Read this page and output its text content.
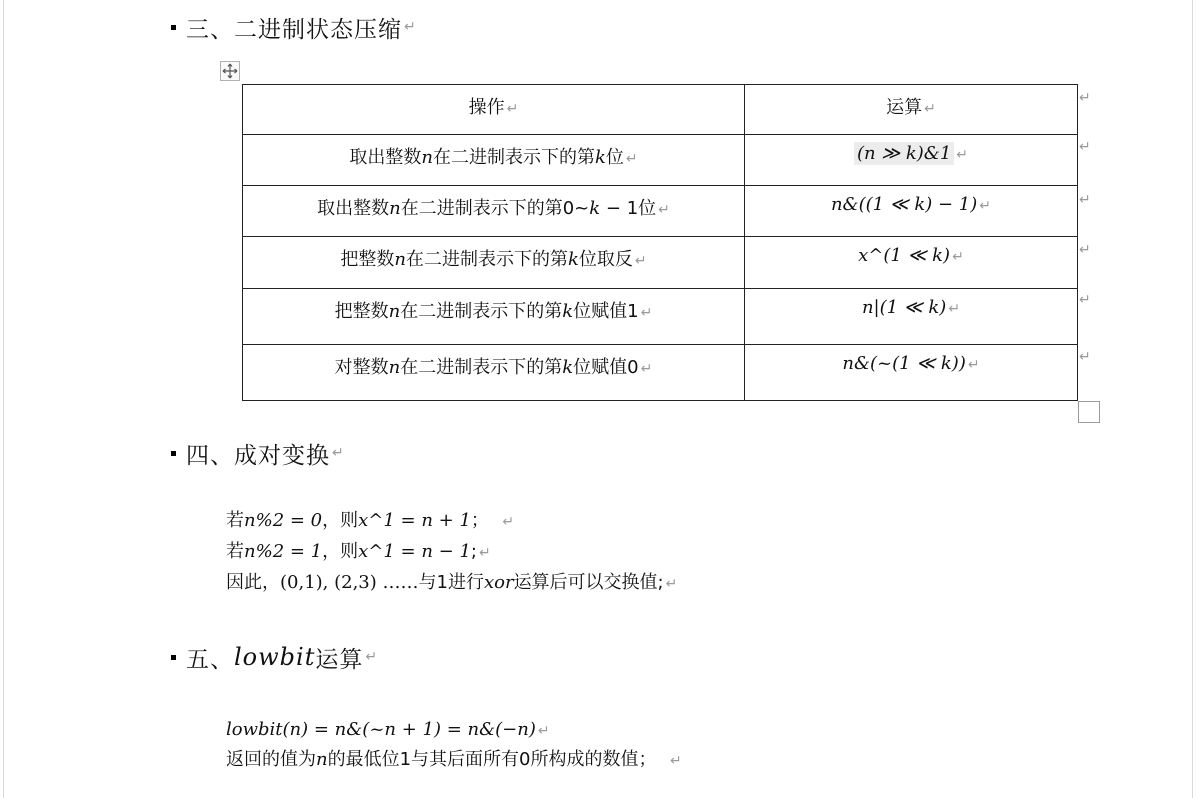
三、二进制状态压缩 ↵
操作 ↵	运算 ↵
取出整数n在二进制表示下的第k位 ↵	(n ≫ k)&1 ↵
取出整数n在二进制表示下的第0~k − 1位 ↵	n&((1 ≪ k) − 1) ↵
把整数n在二进制表示下的第k位取反 ↵	x^(1 ≪ k) ↵
把整数n在二进制表示下的第k位赋值1 ↵	n|(1 ≪ k) ↵
对整数n在二进制表示下的第k位赋值0 ↵	n&(~(1 ≪ k)) ↵
↵
↵
↵
↵
↵
↵
四、成对变换 ↵
若n%2 = 0，则x^1 = n + 1； ↵
若n%2 = 1，则x^1 = n − 1; ↵
因此，(0,1), (2,3) ……与1进行xor运算后可以交换值; ↵
五、 lowbit 运算 ↵
lowbit(n) = n&(~n + 1) = n&(−n) ↵
返回的值为n的最低位1与其后面所有0所构成的数值； ↵
